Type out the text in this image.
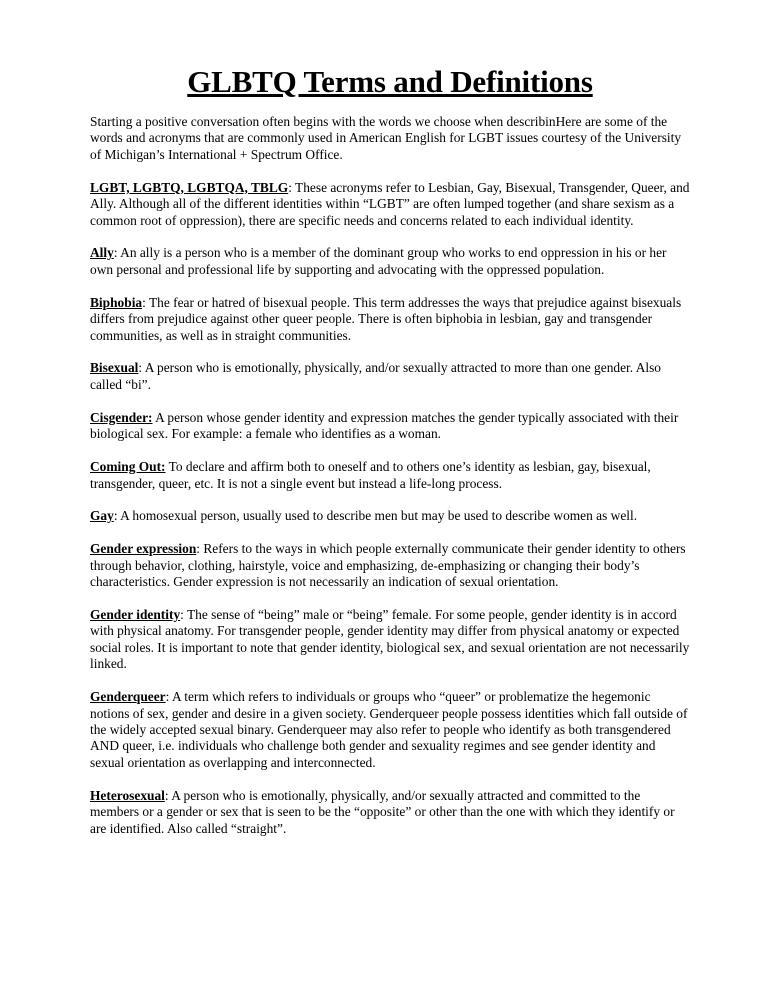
GLBTQ Terms and Definitions

Starting a positive conversation often begins with the words we choose when describinHere are some of the words and acronyms that are commonly used in American English for LGBT issues courtesy of the University of Michigan’s International + Spectrum Office.

LGBT, LGBTQ, LGBTQA, TBLG: These acronyms refer to Lesbian, Gay, Bisexual, Transgender, Queer, and Ally. Although all of the different identities within “LGBT” are often lumped together (and share sexism as a common root of oppression), there are specific needs and concerns related to each individual identity.

Ally: An ally is a person who is a member of the dominant group who works to end oppression in his or her own personal and professional life by supporting and advocating with the oppressed population.

Biphobia: The fear or hatred of bisexual people. This term addresses the ways that prejudice against bisexuals differs from prejudice against other queer people. There is often biphobia in lesbian, gay and transgender communities, as well as in straight communities.

Bisexual: A person who is emotionally, physically, and/or sexually attracted to more than one gender. Also called “bi”.

Cisgender: A person whose gender identity and expression matches the gender typically associated with their biological sex. For example: a female who identifies as a woman.

Coming Out: To declare and affirm both to oneself and to others one’s identity as lesbian, gay, bisexual, transgender, queer, etc. It is not a single event but instead a life-long process.

Gay: A homosexual person, usually used to describe men but may be used to describe women as well.

Gender expression: Refers to the ways in which people externally communicate their gender identity to others through behavior, clothing, hairstyle, voice and emphasizing, de-emphasizing or changing their body’s characteristics. Gender expression is not necessarily an indication of sexual orientation.

Gender identity: The sense of “being” male or “being” female. For some people, gender identity is in accord with physical anatomy. For transgender people, gender identity may differ from physical anatomy or expected social roles. It is important to note that gender identity, biological sex, and sexual orientation are not necessarily linked.

Genderqueer: A term which refers to individuals or groups who “queer” or problematize the hegemonic notions of sex, gender and desire in a given society. Genderqueer people possess identities which fall outside of the widely accepted sexual binary. Genderqueer may also refer to people who identify as both transgendered AND queer, i.e. individuals who challenge both gender and sexuality regimes and see gender identity and sexual orientation as overlapping and interconnected.

Heterosexual: A person who is emotionally, physically, and/or sexually attracted and committed to the members or a gender or sex that is seen to be the “opposite” or other than the one with which they identify or are identified. Also called “straight”.
